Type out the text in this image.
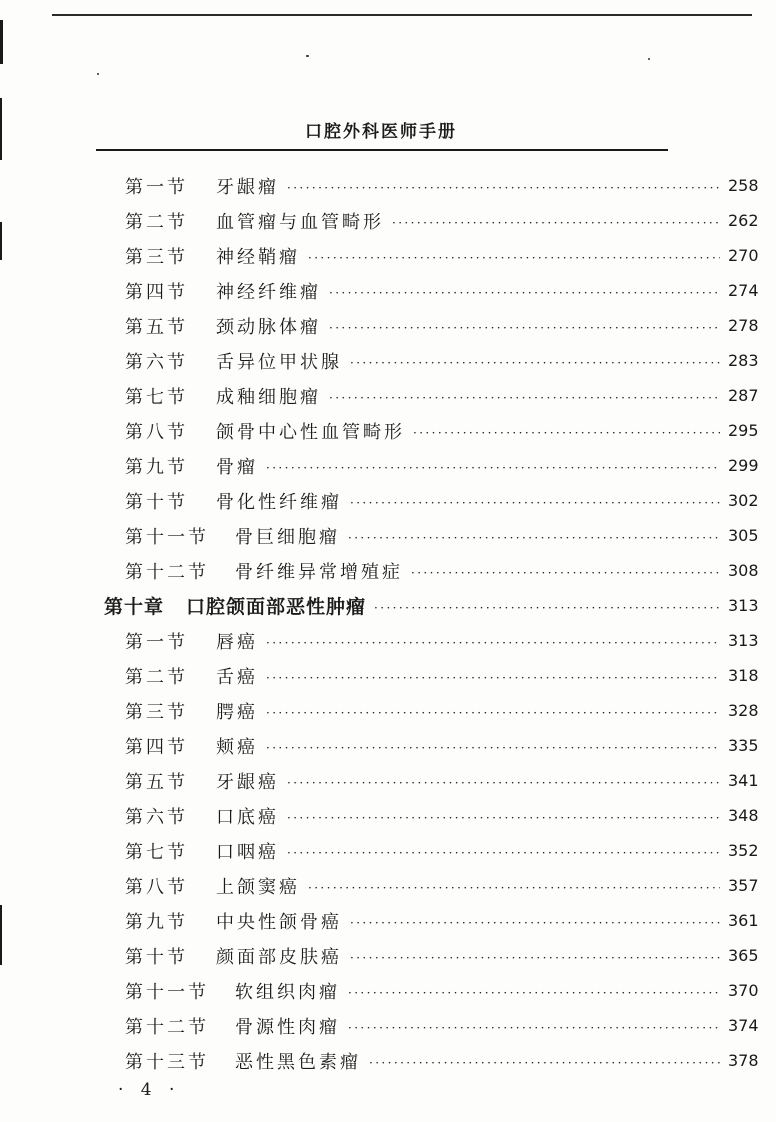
口腔外科医师手册
第一节 牙龈瘤 ·····	258
第二节 血管瘤与血管畸形 ·····	262
第三节 神经鞘瘤 ·····	270
第四节 神经纤维瘤 ·····	274
第五节 颈动脉体瘤 ·····	278
第六节 舌异位甲状腺 ·····	283
第七节 成釉细胞瘤 ·····	287
第八节 颌骨中心性血管畸形 ·····	295
第九节 骨瘤 ·····	299
第十节 骨化性纤维瘤 ·····	302
第十一节 骨巨细胞瘤 ·····	305
第十二节 骨纤维异常增殖症 ·····	308
第十章 口腔颌面部恶性肿瘤 ·····	313
第一节 唇癌 ·····	313
第二节 舌癌 ·····	318
第三节 腭癌 ·····	328
第四节 颊癌 ·····	335
第五节 牙龈癌 ·····	341
第六节 口底癌 ·····	348
第七节 口咽癌 ·····	352
第八节 上颌窦癌 ·····	357
第九节 中央性颌骨癌 ·····	361
第十节 颜面部皮肤癌 ·····	365
第十一节 软组织肉瘤 ·····	370
第十二节 骨源性肉瘤 ·····	374
第十三节 恶性黑色素瘤 ·····	378
· 4 ·
